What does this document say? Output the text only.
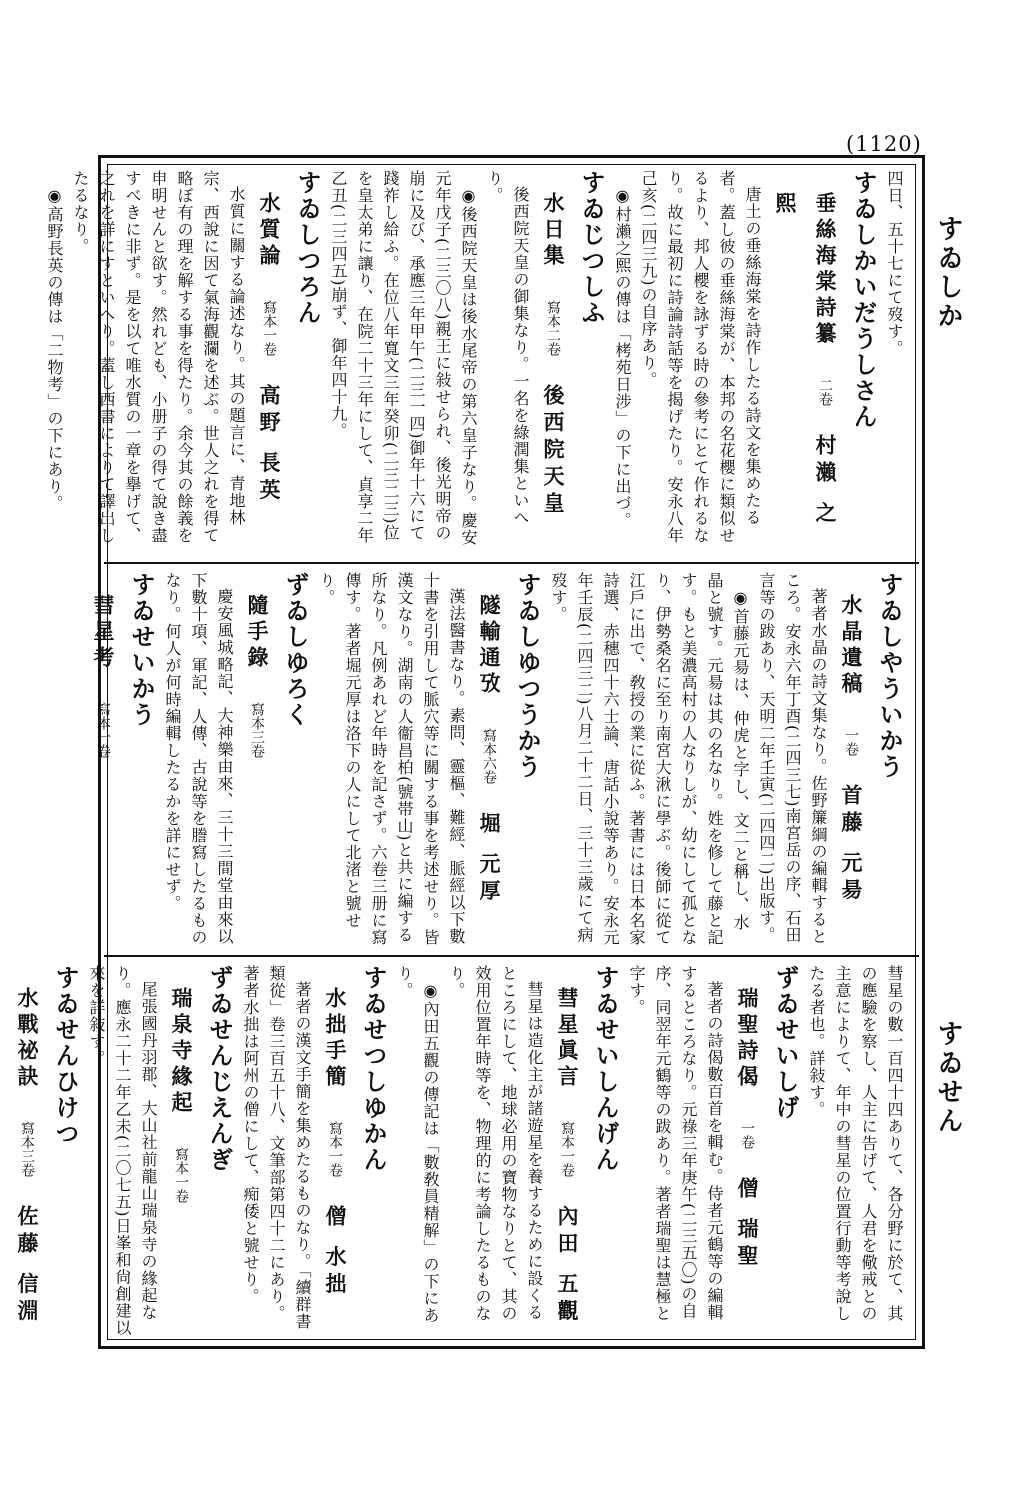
(1120)
すゐしか
すゐせん
四日、五十七にて歿す。
すゐしかいだうしさん
垂絲海棠詩纂二卷村瀨 之熙
唐土の垂絲海棠を詩作したる詩文を集めたる者。蓋し彼の垂絲海棠が、本邦の名花櫻に類似せるより、邦人櫻を詠ずる時の參考にとて作れるなり。故に最初に詩論詩話等を揭げたり。安永八年己亥(二四三九)の自序あり。
◉村瀨之熙の傳は「栲苑日涉」の下に出づ。
すゐじつしふ
水日集寫本二卷後西院天皇
後西院天皇の御集なり。一名を綠潤集といへり。
◉後西院天皇は後水尾帝の第六皇子なり。慶安元年戊子(二三〇八)親王に敍せられ、後光明帝の崩に及び、承應三年甲午(二三一四)御年十六にて踐祚し給ふ。在位八年寬文三年癸卯(二三二三)位を皇太弟に讓り、在院二十三年にして、貞享二年乙丑(二三四五)崩ず、御年四十九。
すゐしつろん
水質論寫本一卷高野 長英
水質に關する論述なり。其の題言に、青地林宗、西說に因て氣海觀瀾を述ぶ。世人之れを得て略ぼ有の理を解する事を得たり。余今其の餘義を申明せんと欲す。然れども、小册子の得て說き盡すべきに非ず。是を以て唯水質の一章を擧げて、之れを詳にすといへり。蓋し西書によりて譯出したるなり。
◉高野長英の傳は「二物考」の下にあり。
すゐしやういかう
水晶遺稿一卷首藤 元昜
著者水晶の詩文集なり。佐野簾綱の編輯するところ。安永六年丁酉(二四三七)南宮岳の序、石田言等の跋あり、天明二年壬寅(二四四二)出版す。
◉首藤元昜は、仲虎と字し、文二と稱し、水晶と號す。元昜は其の名なり。姓を修して藤と記す。もと美濃高村の人なりしが、幼にして孤となり、伊勢桑名に至り南宮大湫に學ぶ。後師に從て江戶に出で、敎授の業に從ふ。著書には日本名家詩選、赤穗四十六士論、唐話小說等あり。安永元年壬辰(二四三二)八月二十二日、三十三歲にて病歿す。
すゐしゆつうかう
隧輸通攷寫本六卷堀 元厚
漢法醫書なり。素問、靈樞、難經、脈經以下數十書を引用して脈穴等に關する事を考述せり。皆漢文なり。湖南の人衞昌柏(號帯山)と共に編する所なり。凡例あれど年時を記さず。六卷三册に寫傳す。著者堀元厚は洛下の人にして北渚と號せり。
ずゐしゆろく
隨手錄寫本三卷
慶安風城略記、大神樂由來、三十三間堂由來以下數十項、軍記、人傳、古說等を謄寫したるものなり。何人が何時編輯したるかを詳にせず。
すゐせいかう
彗星考寫本一卷
彗星の數一百四十四ありて、各分野に於て、其の應驗を察し、人主に告げて、人君を儆戒との主意によりて、年中の彗星の位置行動等考說したる者也。詳敍す。
ずゐせいしげ
瑞聖詩偈一卷僧 瑞聖
著者の詩偈數百首を輯む。侍者元鶴等の編輯するところなり。元祿三年庚午(二三五〇)の自序、同翌年元鶴等の跋あり。著者瑞聖は慧極と字す。
すゐせいしんげん
彗星眞言寫本一卷內田 五觀
彗星は造化主が諸遊星を養するために設くるところにして、地球必用の寶物なりとて、其の效用位置年時等を、物理的に考論したるものなり。
◉內田五觀の傳記は「數敎員精解」の下にあり。
すゐせつしゆかん
水拙手簡寫本一卷僧 水拙
著者の漢文手簡を集めたるものなり。「續群書類從」卷三百五十八、文筆部第四十二にあり。著者水拙は阿州の僧にして、痴倭と號せり。
ずゐせんじえんぎ
瑞泉寺緣起寫本一卷
尾張國丹羽郡、大山社前龍山瑞泉寺の緣起なり。應永二十二年乙未(二〇七五)日峯和尙創建以來を詳敍す。
すゐせんひけつ
水戰祕訣寫本三卷佐藤 信淵
